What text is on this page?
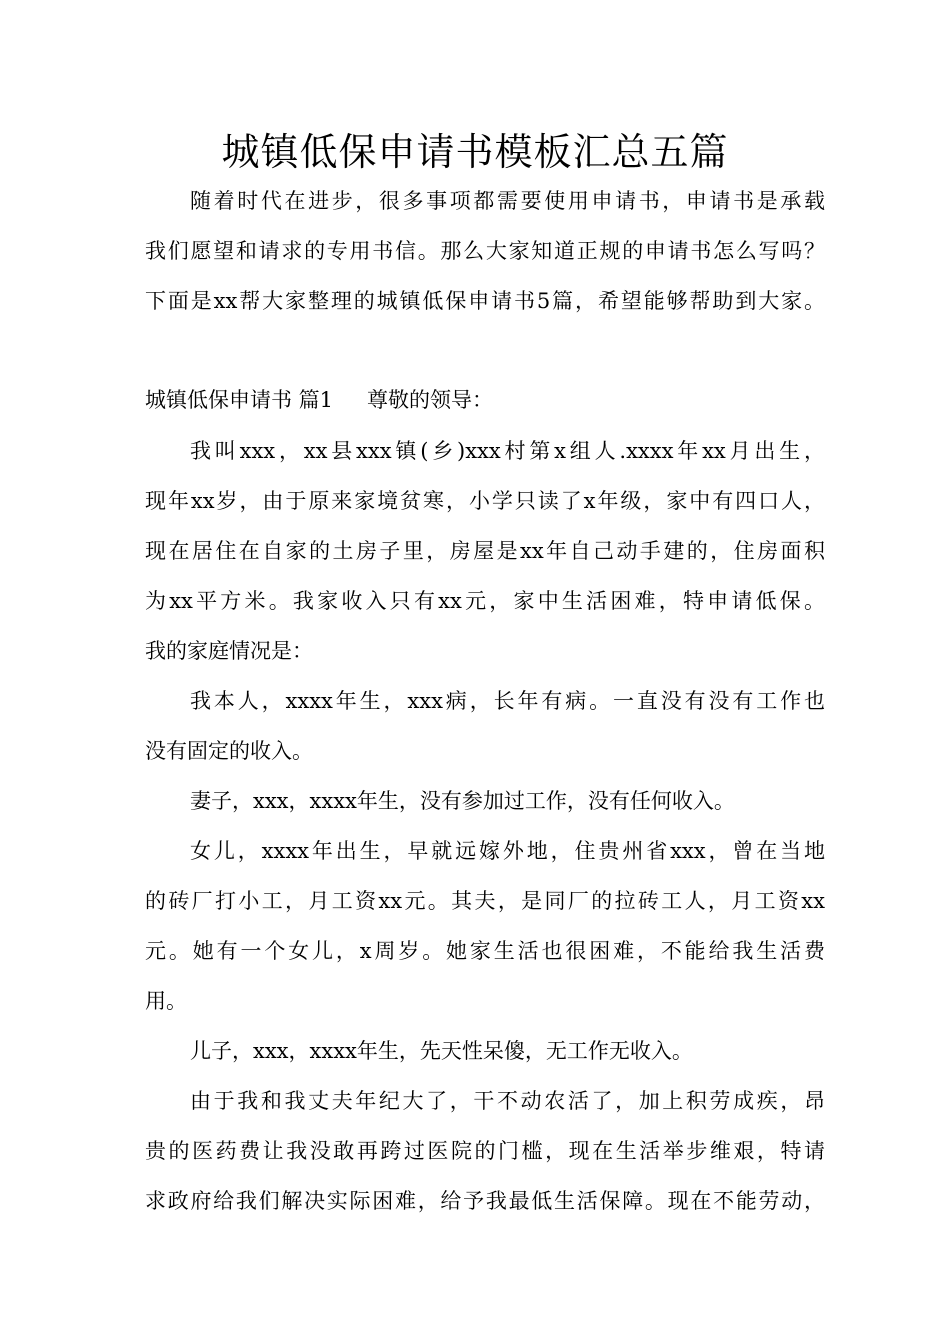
城镇低保申请书模板汇总五篇
随着时代在进步，很多事项都需要使用申请书，申请书是承载
我们愿望和请求的专用书信。那么大家知道正规的申请书怎么写吗？
下面是xx帮大家整理的城镇低保申请书5篇，希望能够帮助到大家。
城镇低保申请书 篇1 尊敬的领导：
我叫xxx，xx县xxx镇(乡)xxx村第x组人.xxxx年xx月出生，
现年xx岁，由于原来家境贫寒，小学只读了x年级，家中有四口人，
现在居住在自家的土房子里，房屋是xx年自己动手建的，住房面积
为xx平方米。我家收入只有xx元，家中生活困难，特申请低保。
我的家庭情况是：
我本人，xxxx年生，xxx病，长年有病。一直没有没有工作也
没有固定的收入。
妻子，xxx，xxxx年生，没有参加过工作，没有任何收入。
女儿，xxxx年出生，早就远嫁外地，住贵州省xxx，曾在当地
的砖厂打小工，月工资xx元。其夫，是同厂的拉砖工人，月工资xx
元。她有一个女儿，x周岁。她家生活也很困难，不能给我生活费
用。
儿子，xxx，xxxx年生，先天性呆傻，无工作无收入。
由于我和我丈夫年纪大了，干不动农活了，加上积劳成疾，昂
贵的医药费让我没敢再跨过医院的门槛，现在生活举步维艰，特请
求政府给我们解决实际困难，给予我最低生活保障。现在不能劳动，
